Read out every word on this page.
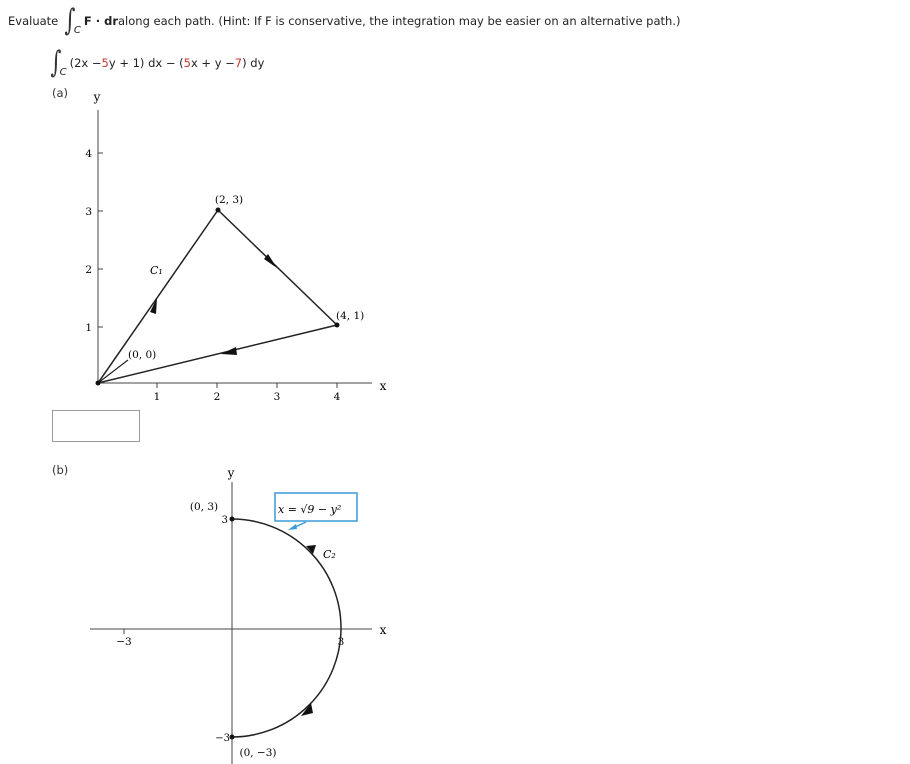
Evaluate ∫
C
F · dr along each path. (Hint: If F is conservative, the integration may be easier on an alternative path.)
∫
C
(2x − 5 y + 1) dx − ( 5 x + y − 7 ) dy
(a) y
x
1	2	3	4
1
2
3
4
(0, 0)
(2, 3)
(4, 1)
C₁
y
x
−3	3
3
−3
(0, 3)
(0, −3)
C₂
x = √9 − y²
(b)
